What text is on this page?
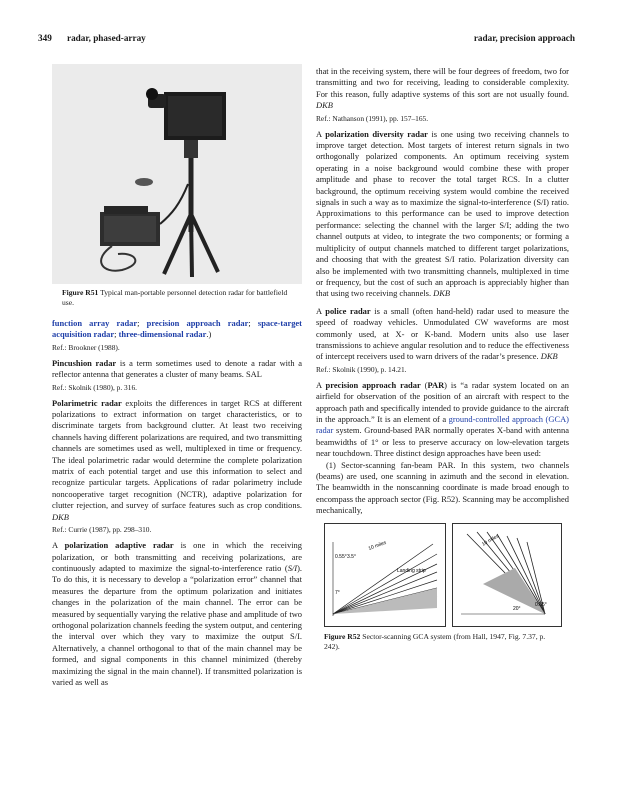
349 radar, phased-array	radar, precision approach
Figure R51 Typical man-portable personnel detection radar for battlefield use.

function array radar; precision approach radar; space-target acquisition radar; three-dimensional radar.)

Ref.: Brookner (1988).

Pincushion radar is a term sometimes used to denote a radar with a reflector antenna that generates a cluster of many beams. SAL

Ref.: Skolnik (1980), p. 316.

Polarimetric radar exploits the differences in target RCS at different polarizations to extract information on target characteristics, or to discriminate targets from background clutter. At least two receiving channels having different polarizations are required, and two transmitting channels are sometimes used as well, multiplexed in time or frequency. The ideal polarimetric radar would determine the complete polarization matrix of each potential target and use this information to select and recognize particular targets. Applications of radar polarimetry include noncooperative target recognition (NCTR), adaptive polarization for clutter rejection, and survey of surface features such as crop conditions. DKB

Ref.: Currie (1987), pp. 298–310.

A polarization adaptive radar is one in which the receiving polarization, or both transmitting and receiving polarizations, are continuously adapted to maximize the signal-to-interference ratio (S/I). To do this, it is necessary to develop a “polarization error” channel that measures the departure from the optimum polarization and initiates changes in the polarization of the main channel. The error can be measured by sequentially varying the relative phase and amplitude of two orthogonal polarization channels feeding the system output, and centering the interval over which they vary to maximize the output S/I. Alternatively, a channel orthogonal to that of the main channel may be formed, and signal components in this channel minimized (thereby maximizing the signal in the main channel). If transmitted polarization is varied as well as

that in the receiving system, there will be four degrees of freedom, two for transmitting and two for receiving, leading to considerable complexity. For this reason, fully adaptive systems of this sort are not usually found. DKB

Ref.: Nathanson (1991), pp. 157–165.

A polarization diversity radar is one using two receiving channels to improve target detection. Most targets of interest return signals in two orthogonally polarized components. An optimum receiving system operating in a noise background would combine these with proper amplitude and phase to recover the total target RCS. In a clutter background, the optimum receiving system would combine the received signals in such a way as to maximize the signal-to-interference (S/I) ratio. Approximations to this performance can be used to improve detection performance: selecting the channel with the larger S/I; adding the two channel outputs at video, to integrate the two components; or forming a multiplicity of output channels matched to different target polarizations, and choosing that with the greatest S/I ratio. Polarization diversity can also be implemented with two transmitting channels, multiplexed in time or frequency, but the cost of such an approach is appreciably higher than that using two receiving channels. DKB

A police radar is a small (often hand-held) radar used to measure the speed of roadway vehicles. Unmodulated CW waveforms are most commonly used, at X- or K-band. Modern units also use laser transmissions to achieve angular resolution and to reduce the effectiveness of intercept receivers used to warn drivers of the radar’s presence. DKB

Ref.: Skolnik (1990), p. 14.21.

A precision approach radar (PAR) is “a radar system located on an airfield for observation of the position of an aircraft with respect to the approach path and specifically intended to provide guidance to the aircraft in the approach.” It is an element of a ground-controlled approach (GCA) radar system. Ground-based PAR normally operates X-band with antenna beamwidths of 1° or less to preserve accuracy on low-elevation targets near touchdown. Three distinct design approaches have been used:

(1) Sector-scanning fan-beam PAR. In this system, two channels (beams) are used, one scanning in azimuth and the second in elevation. The beamwidth in the nonscanning coordinate is made broad enough to encompass the approach sector (Fig. R52). Scanning may be accomplished mechanically,

10 miles
0.55° 3.5°
7°
Landing strip
10 miles
20°
0.85°
Figure R52 Sector-scanning GCA system (from Hall, 1947, Fig. 7.37, p. 242).
